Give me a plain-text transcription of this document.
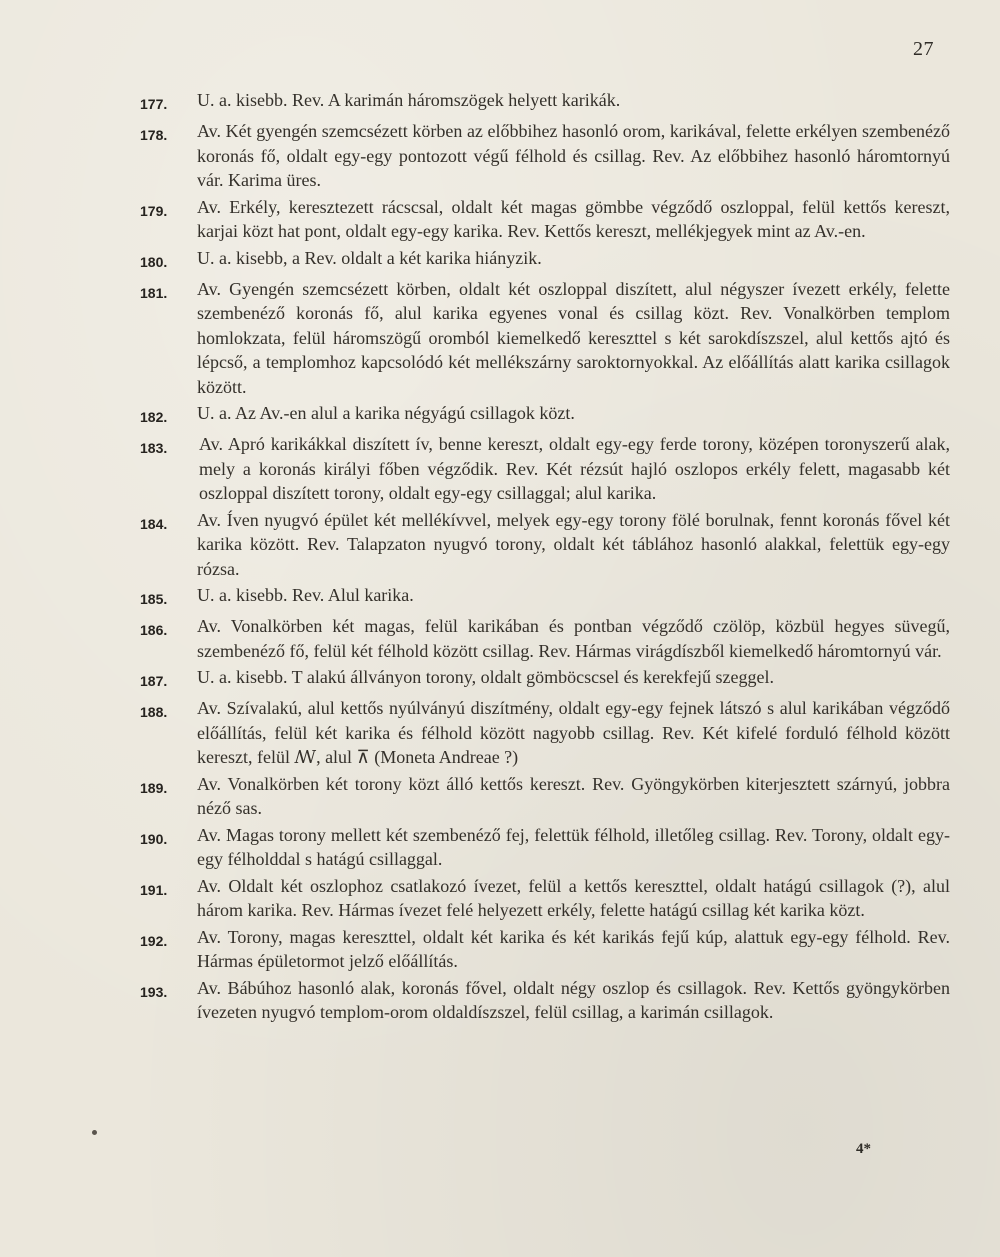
27
177.	U. a. kisebb. Rev. A karimán háromszögek helyett karikák.
178.	Av. Két gyengén szemcsézett körben az előbbihez hasonló orom, karikával, felette erkélyen szembenéző koronás fő, oldalt egy-egy pontozott végű félhold és csillag. Rev. Az előbbihez hasonló háromtornyú vár. Karima üres.
179.	Av. Erkély, keresztezett rácscsal, oldalt két magas gömbbe végződő oszloppal, felül kettős kereszt, karjai közt hat pont, oldalt egy-egy karika. Rev. Kettős kereszt, mellékjegyek mint az Av.-en.
180.	U. a. kisebb, a Rev. oldalt a két karika hiányzik.
181.	Av. Gyengén szemcsézett körben, oldalt két oszloppal diszített, alul négyszer ívezett erkély, felette szembenéző koronás fő, alul karika egyenes vonal és csillag közt. Rev. Vonalkörben templom homlokzata, felül háromszögű oromból kiemelkedő kereszttel s két sarokdíszszel, alul kettős ajtó és lépcső, a templomhoz kapcsolódó két mellékszárny saroktornyokkal. Az előállítás alatt karika csillagok között.
182.	U. a. Az Av.-en alul a karika négyágú csillagok közt.
183.	Av. Apró karikákkal diszített ív, benne kereszt, oldalt egy-egy ferde torony, középen toronyszerű alak, mely a koronás királyi főben végződik. Rev. Két rézsút hajló oszlopos erkély felett, magasabb két oszloppal diszített torony, oldalt egy-egy csillaggal; alul karika.
184.	Av. Íven nyugvó épület két mellékívvel, melyek egy-egy torony fölé borulnak, fennt koronás fővel két karika között. Rev. Talapzaton nyugvó torony, oldalt két táblához hasonló alakkal, felettük egy-egy rózsa.
185.	U. a. kisebb. Rev. Alul karika.
186.	Av. Vonalkörben két magas, felül karikában és pontban végződő czölöp, közbül hegyes süvegű, szembenéző fő, felül két félhold között csillag. Rev. Hármas virágdíszből kiemelkedő háromtornyú vár.
187.	U. a. kisebb. T alakú állványon torony, oldalt gömböcscsel és kerekfejű szeggel.
188.	Av. Szívalakú, alul kettős nyúlványú diszítmény, oldalt egy-egy fejnek látszó s alul karikában végződő előállítás, felül két karika és félhold között nagyobb csillag. Rev. Két kifelé forduló félhold között kereszt, felül ꟿ, alul ⊼ (Moneta Andreae ?)
189.	Av. Vonalkörben két torony közt álló kettős kereszt. Rev. Gyöngykörben kiterjesztett szárnyú, jobbra néző sas.
190.	Av. Magas torony mellett két szembenéző fej, felettük félhold, illetőleg csillag. Rev. Torony, oldalt egy-egy félholddal s hatágú csillaggal.
191.	Av. Oldalt két oszlophoz csatlakozó ívezet, felül a kettős kereszttel, oldalt hatágú csillagok (?), alul három karika. Rev. Hármas ívezet felé helyezett erkély, felette hatágú csillag két karika közt.
192.	Av. Torony, magas kereszttel, oldalt két karika és két karikás fejű kúp, alattuk egy-egy félhold. Rev. Hármas épületormot jelző előállítás.
193.	Av. Bábúhoz hasonló alak, koronás fővel, oldalt négy oszlop és csillagok. Rev. Kettős gyöngykörben ívezeten nyugvó templom-orom oldaldíszszel, felül csillag, a karimán csillagok.
4*
